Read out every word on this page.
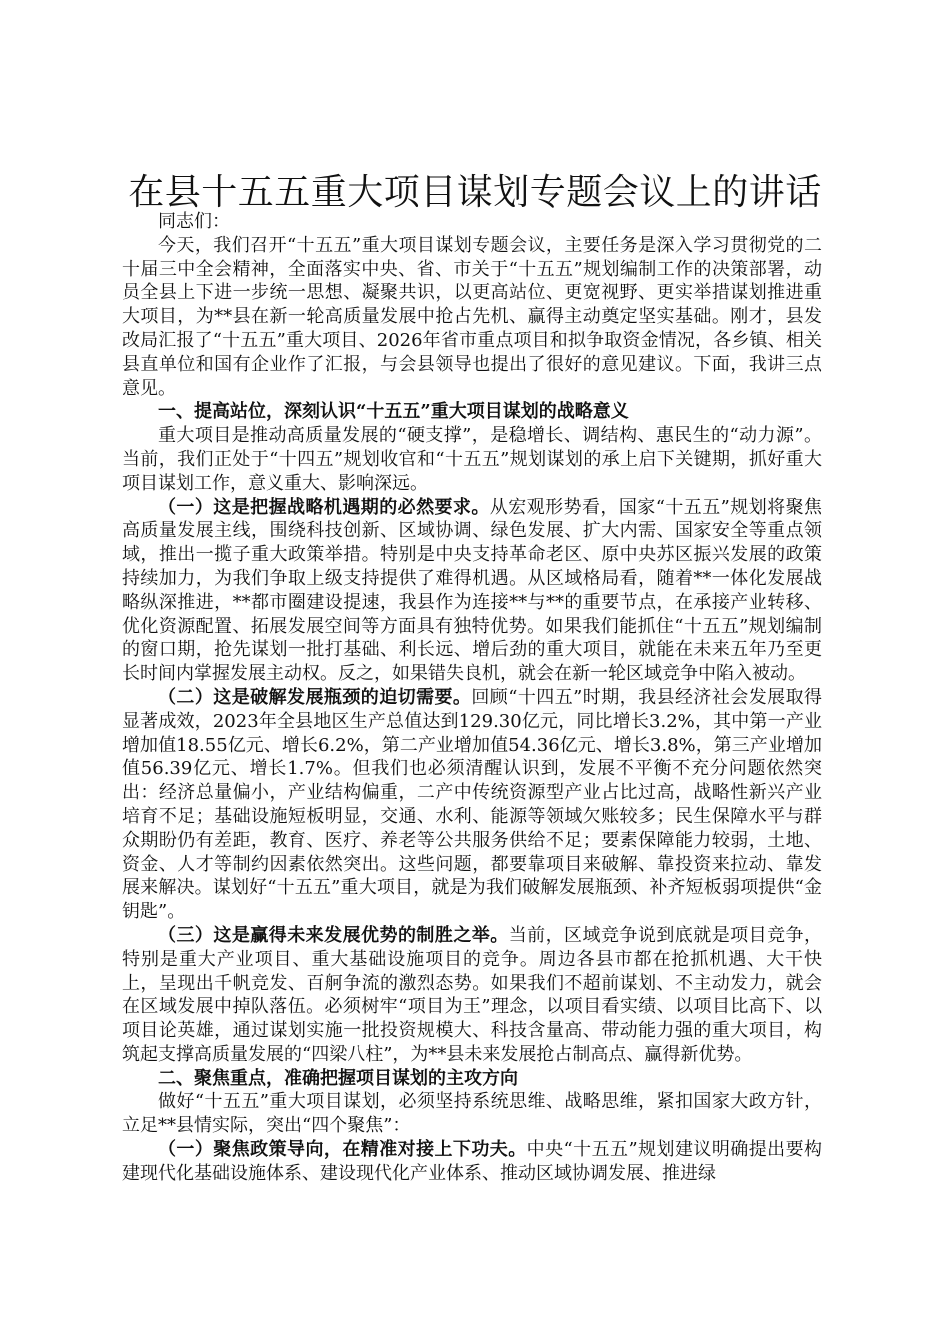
在县十五五重大项目谋划专题会议上的讲话

同志们：

今天，我们召开“十五五”重大项目谋划专题会议，主要任务是深入学习贯彻党的二十届三中全会精神，全面落实中央、省、市关于“十五五”规划编制工作的决策部署，动员全县上下进一步统一思想、凝聚共识，以更高站位、更宽视野、更实举措谋划推进重大项目，为**县在新一轮高质量发展中抢占先机、赢得主动奠定坚实基础。刚才，县发改局汇报了“十五五”重大项目、2026年省市重点项目和拟争取资金情况，各乡镇、相关县直单位和国有企业作了汇报，与会县领导也提出了很好的意见建议。下面，我讲三点意见。

一、提高站位，深刻认识“十五五”重大项目谋划的战略意义

重大项目是推动高质量发展的“硬支撑”，是稳增长、调结构、惠民生的“动力源”。当前，我们正处于“十四五”规划收官和“十五五”规划谋划的承上启下关键期，抓好重大项目谋划工作，意义重大、影响深远。

（一）这是把握战略机遇期的必然要求。从宏观形势看，国家“十五五”规划将聚焦高质量发展主线，围绕科技创新、区域协调、绿色发展、扩大内需、国家安全等重点领域，推出一揽子重大政策举措。特别是中央支持革命老区、原中央苏区振兴发展的政策持续加力，为我们争取上级支持提供了难得机遇。从区域格局看，随着**一体化发展战略纵深推进，**都市圈建设提速，我县作为连接**与**的重要节点，在承接产业转移、优化资源配置、拓展发展空间等方面具有独特优势。如果我们能抓住“十五五”规划编制的窗口期，抢先谋划一批打基础、利长远、增后劲的重大项目，就能在未来五年乃至更长时间内掌握发展主动权。反之，如果错失良机，就会在新一轮区域竞争中陷入被动。

（二）这是破解发展瓶颈的迫切需要。回顾“十四五”时期，我县经济社会发展取得显著成效，2023年全县地区生产总值达到129.30亿元，同比增长3.2%，其中第一产业增加值18.55亿元、增长6.2%，第二产业增加值54.36亿元、增长3.8%，第三产业增加值56.39亿元、增长1.7%。但我们也必须清醒认识到，发展不平衡不充分问题依然突出：经济总量偏小，产业结构偏重，二产中传统资源型产业占比过高，战略性新兴产业培育不足；基础设施短板明显，交通、水利、能源等领域欠账较多；民生保障水平与群众期盼仍有差距，教育、医疗、养老等公共服务供给不足；要素保障能力较弱，土地、资金、人才等制约因素依然突出。这些问题，都要靠项目来破解、靠投资来拉动、靠发展来解决。谋划好“十五五”重大项目，就是为我们破解发展瓶颈、补齐短板弱项提供“金钥匙”。

（三）这是赢得未来发展优势的制胜之举。当前，区域竞争说到底就是项目竞争，特别是重大产业项目、重大基础设施项目的竞争。周边各县市都在抢抓机遇、大干快上，呈现出千帆竞发、百舸争流的激烈态势。如果我们不超前谋划、不主动发力，就会在区域发展中掉队落伍。必须树牢“项目为王”理念，以项目看实绩、以项目比高下、以项目论英雄，通过谋划实施一批投资规模大、科技含量高、带动能力强的重大项目，构筑起支撑高质量发展的“四梁八柱”，为**县未来发展抢占制高点、赢得新优势。

二、聚焦重点，准确把握项目谋划的主攻方向

做好“十五五”重大项目谋划，必须坚持系统思维、战略思维，紧扣国家大政方针，立足**县情实际，突出“四个聚焦”：

（一）聚焦政策导向，在精准对接上下功夫。中央“十五五”规划建议明确提出要构建现代化基础设施体系、建设现代化产业体系、推动区域协调发展、推进绿
